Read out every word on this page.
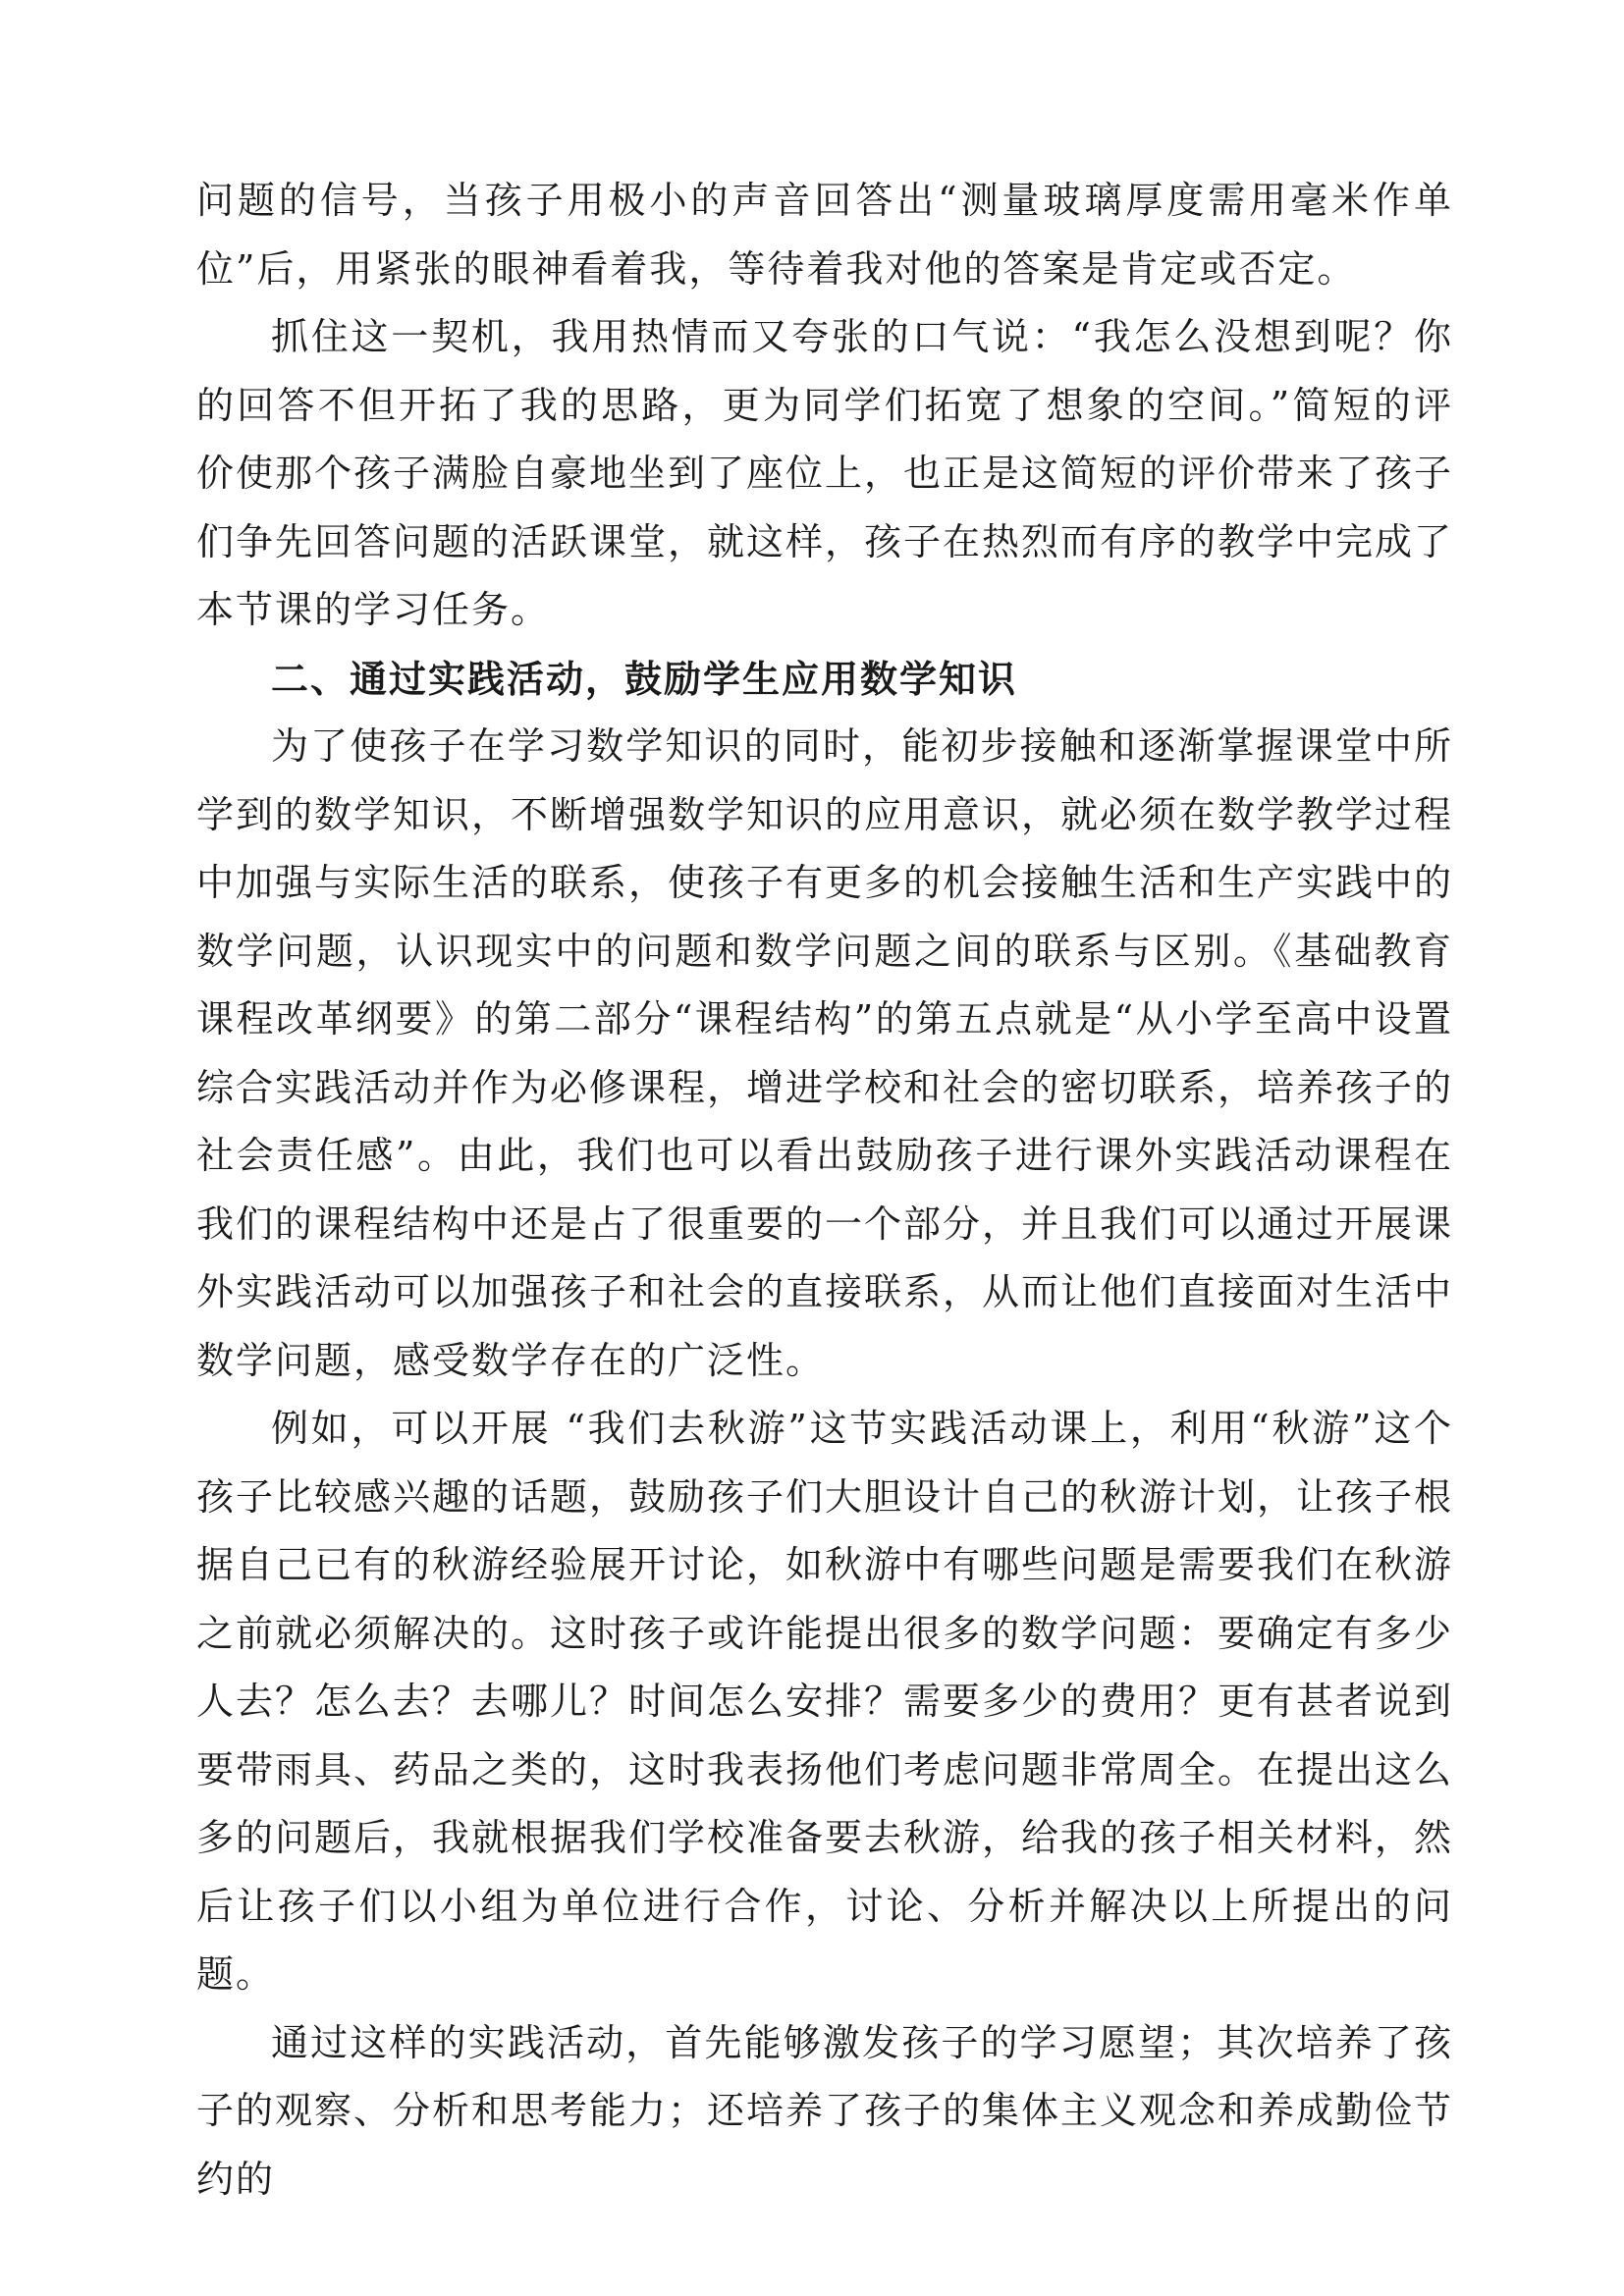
问题的信号，当孩子用极小的声音回答出“测量玻璃厚度需用毫米作单位”后，用紧张的眼神看着我，等待着我对他的答案是肯定或否定。

抓住这一契机，我用热情而又夸张的口气说：“我怎么没想到呢？你的回答不但开拓了我的思路，更为同学们拓宽了想象的空间。”简短的评价使那个孩子满脸自豪地坐到了座位上，也正是这简短的评价带来了孩子们争先回答问题的活跃课堂，就这样，孩子在热烈而有序的教学中完成了本节课的学习任务。

二、通过实践活动，鼓励学生应用数学知识

为了使孩子在学习数学知识的同时，能初步接触和逐渐掌握课堂中所学到的数学知识，不断增强数学知识的应用意识，就必须在数学教学过程中加强与实际生活的联系，使孩子有更多的机会接触生活和生产实践中的数学问题，认识现实中的问题和数学问题之间的联系与区别。《基础教育课程改革纲要》的第二部分“课程结构”的第五点就是“从小学至高中设置综合实践活动并作为必修课程，增进学校和社会的密切联系，培养孩子的社会责任感”。由此，我们也可以看出鼓励孩子进行课外实践活动课程在我们的课程结构中还是占了很重要的一个部分，并且我们可以通过开展课外实践活动可以加强孩子和社会的直接联系，从而让他们直接面对生活中数学问题，感受数学存在的广泛性。

例如，可以开展 “我们去秋游”这节实践活动课上，利用“秋游”这个孩子比较感兴趣的话题，鼓励孩子们大胆设计自己的秋游计划，让孩子根据自己已有的秋游经验展开讨论，如秋游中有哪些问题是需要我们在秋游之前就必须解决的。这时孩子或许能提出很多的数学问题：要确定有多少人去？怎么去？去哪儿？时间怎么安排？需要多少的费用？更有甚者说到要带雨具、药品之类的，这时我表扬他们考虑问题非常周全。在提出这么多的问题后，我就根据我们学校准备要去秋游，给我的孩子相关材料，然后让孩子们以小组为单位进行合作，讨论、分析并解决以上所提出的问题。

通过这样的实践活动，首先能够激发孩子的学习愿望；其次培养了孩子的观察、分析和思考能力；还培养了孩子的集体主义观念和养成勤俭节约的
